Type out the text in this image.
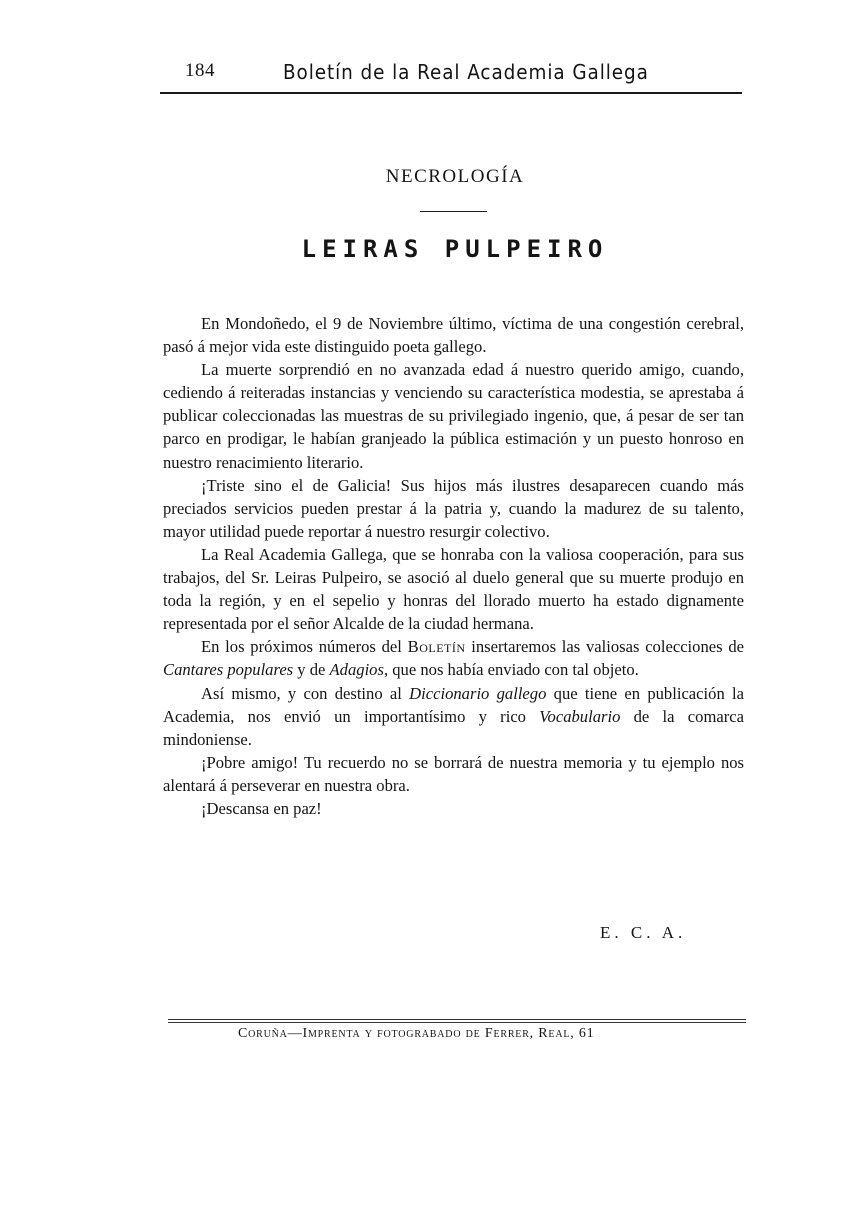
184	Boletín de la Real Academia Gallega
NECROLOGÍA
LEIRAS PULPEIRO

En Mondoñedo, el 9 de Noviembre último, víctima de una congestión cerebral, pasó á mejor vida este distinguido poeta gallego.

La muerte sorprendió en no avanzada edad á nuestro querido amigo, cuando, cediendo á reiteradas instancias y venciendo su característica modestia, se aprestaba á publicar coleccionadas las muestras de su privilegiado ingenio, que, á pesar de ser tan parco en prodigar, le habían granjeado la pública estimación y un puesto honroso en nuestro renacimiento literario.

¡Triste sino el de Galicia! Sus hijos más ilustres desaparecen cuando más preciados servicios pueden prestar á la patria y, cuando la madurez de su talento, mayor utilidad puede reportar á nuestro resurgir colectivo.

La Real Academia Gallega, que se honraba con la valiosa cooperación, para sus trabajos, del Sr. Leiras Pulpeiro, se asoció al duelo general que su muerte produjo en toda la región, y en el sepelio y honras del llorado muerto ha estado dignamente representada por el señor Alcalde de la ciudad hermana.

En los próximos números del Boletín insertaremos las valiosas colecciones de Cantares populares y de Adagios, que nos había enviado con tal objeto.

Así mismo, y con destino al Diccionario gallego que tiene en publicación la Academia, nos envió un importantísimo y rico Vocabulario de la comarca mindoniense.

¡Pobre amigo! Tu recuerdo no se borrará de nuestra memoria y tu ejemplo nos alentará á perseverar en nuestra obra.

¡Descansa en paz!

E. C. A.
Coruña—Imprenta y fotograbado de Ferrer, Real, 61
